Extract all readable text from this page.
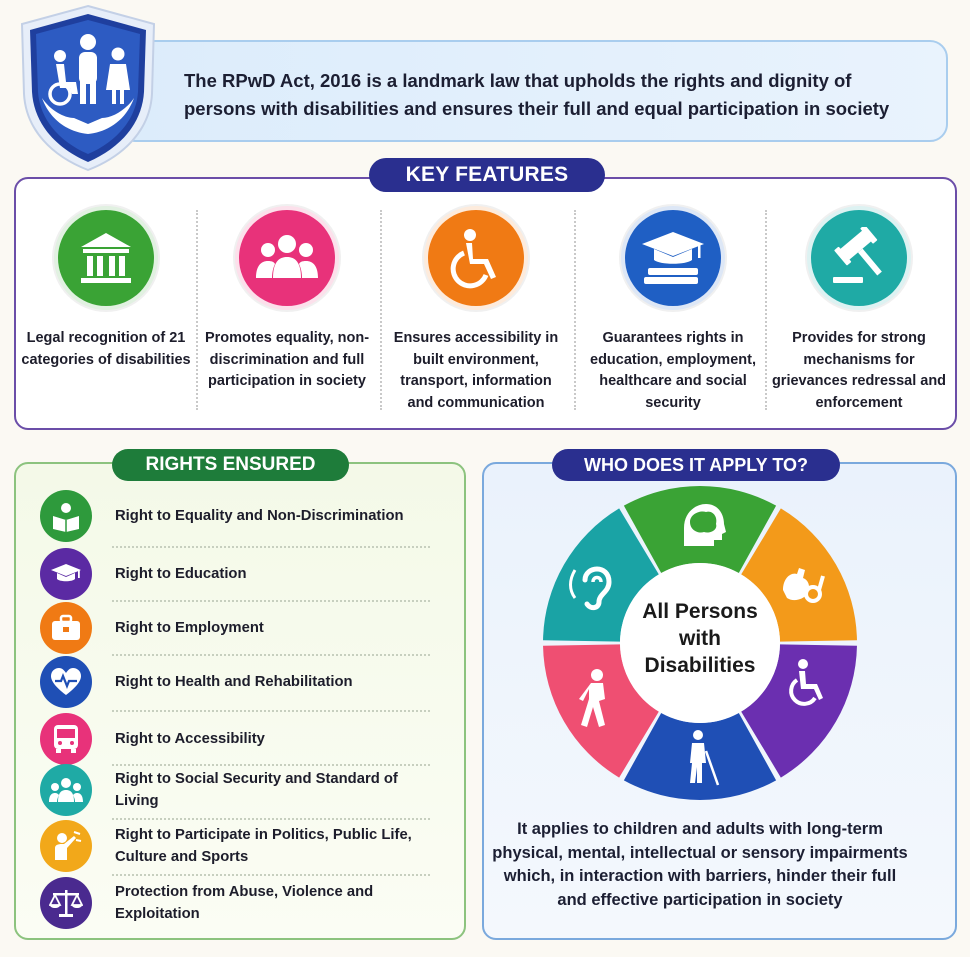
The RPwD Act, 2016 is a landmark law that upholds the rights and dignity of persons with disabilities and ensures their full and equal participation in society
KEY FEATURES
Legal recognition of 21 categories of disabilities
Promotes equality, non-discrimination and full participation in society
Ensures accessibility in built environment, transport, information and communication
Guarantees rights in education, employment, healthcare and social security
Provides for strong mechanisms for grievances redressal and enforcement
RIGHTS ENSURED
Right to Equality and Non-Discrimination
Right to Education
Right to Employment
Right to Health and Rehabilitation
Right to Accessibility
Right to Social Security and Standard of Living
Right to Participate in Politics, Public Life, Culture and Sports
Protection from Abuse, Violence and Exploitation
WHO DOES IT APPLY TO?
All Persons
with
Disabilities
It applies to children and adults with long-term physical, mental, intellectual or sensory impairments which, in interaction with barriers, hinder their full and effective participation in society
